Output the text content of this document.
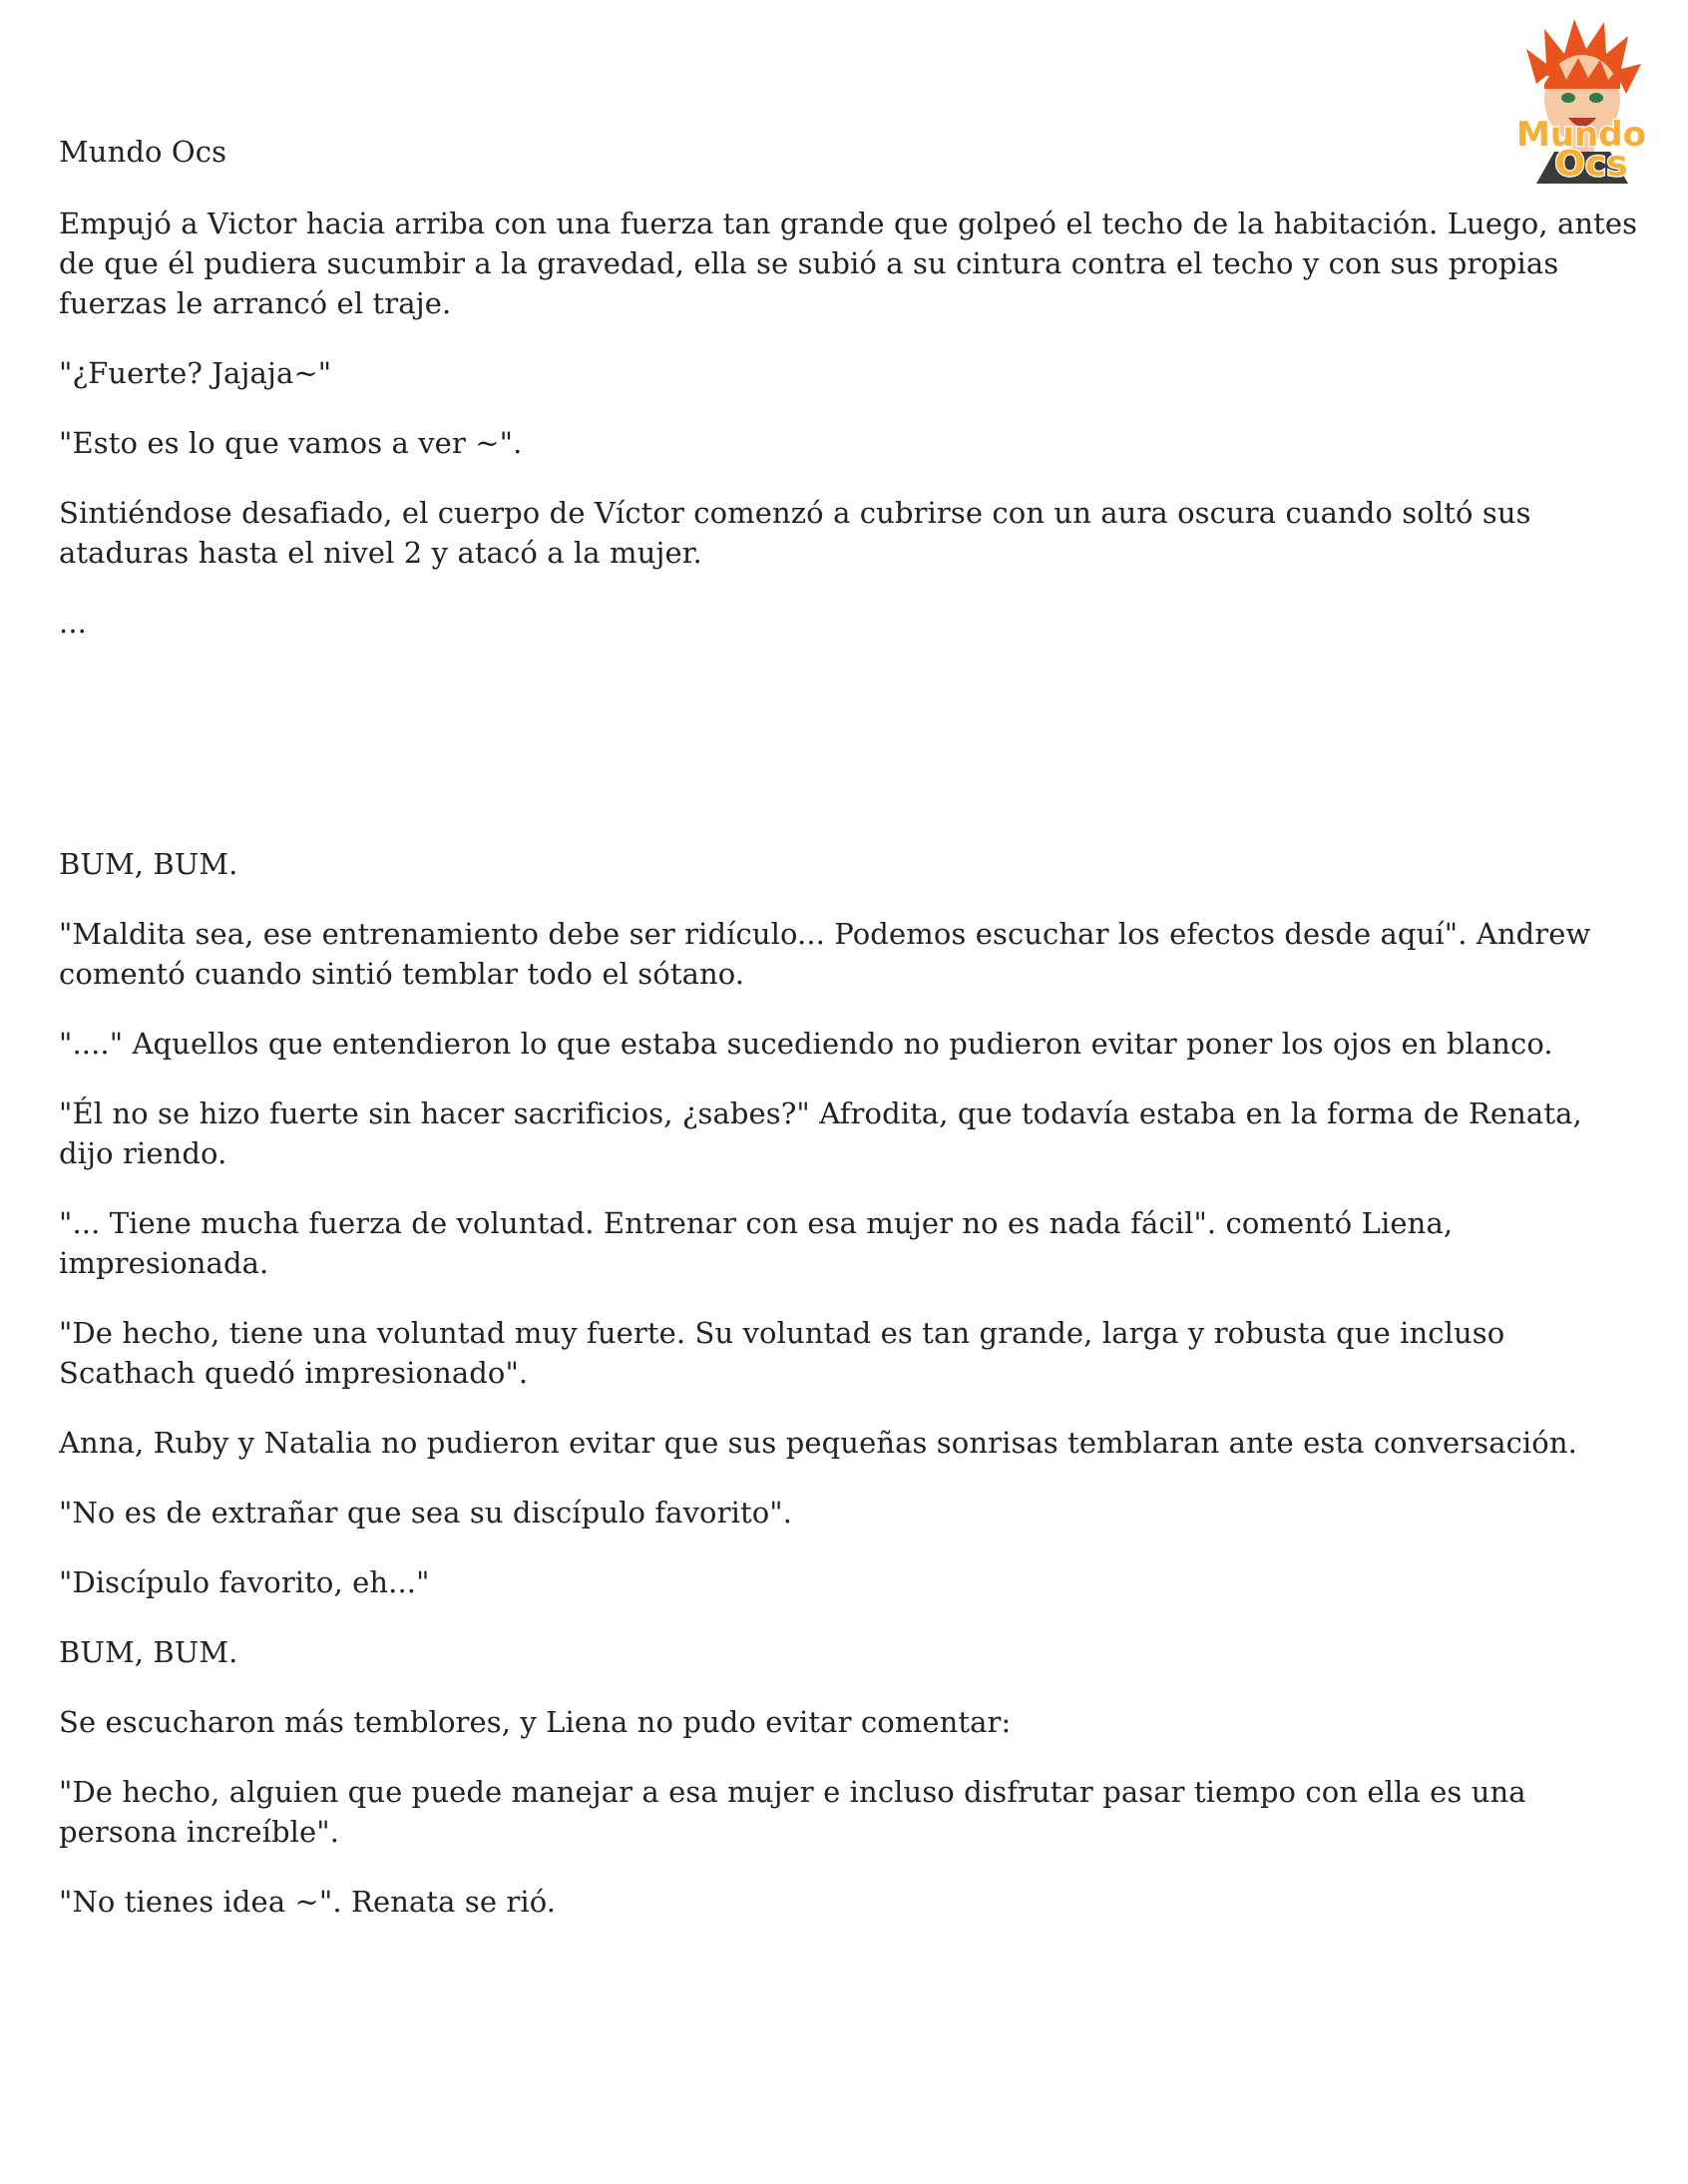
Mundo
Ocs

Mundo Ocs

Empujó a Victor hacia arriba con una fuerza tan grande que golpeó el techo de la habitación. Luego, antes de que él pudiera sucumbir a la gravedad, ella se subió a su cintura contra el techo y con sus propias fuerzas le arrancó el traje.

"¿Fuerte? Jajaja~"

"Esto es lo que vamos a ver ~".

Sintiéndose desafiado, el cuerpo de Víctor comenzó a cubrirse con un aura oscura cuando soltó sus ataduras hasta el nivel 2 y atacó a la mujer.

...

BUM, BUM.

"Maldita sea, ese entrenamiento debe ser ridículo... Podemos escuchar los efectos desde aquí". Andrew comentó cuando sintió temblar todo el sótano.

"...." Aquellos que entendieron lo que estaba sucediendo no pudieron evitar poner los ojos en blanco.

"Él no se hizo fuerte sin hacer sacrificios, ¿sabes?" Afrodita, que todavía estaba en la forma de Renata, dijo riendo.

"... Tiene mucha fuerza de voluntad. Entrenar con esa mujer no es nada fácil". comentó Liena, impresionada.

"De hecho, tiene una voluntad muy fuerte. Su voluntad es tan grande, larga y robusta que incluso Scathach quedó impresionado".

Anna, Ruby y Natalia no pudieron evitar que sus pequeñas sonrisas temblaran ante esta conversación.

"No es de extrañar que sea su discípulo favorito".

"Discípulo favorito, eh..."

BUM, BUM.

Se escucharon más temblores, y Liena no pudo evitar comentar:

"De hecho, alguien que puede manejar a esa mujer e incluso disfrutar pasar tiempo con ella es una persona increíble".

"No tienes idea ~". Renata se rió.
